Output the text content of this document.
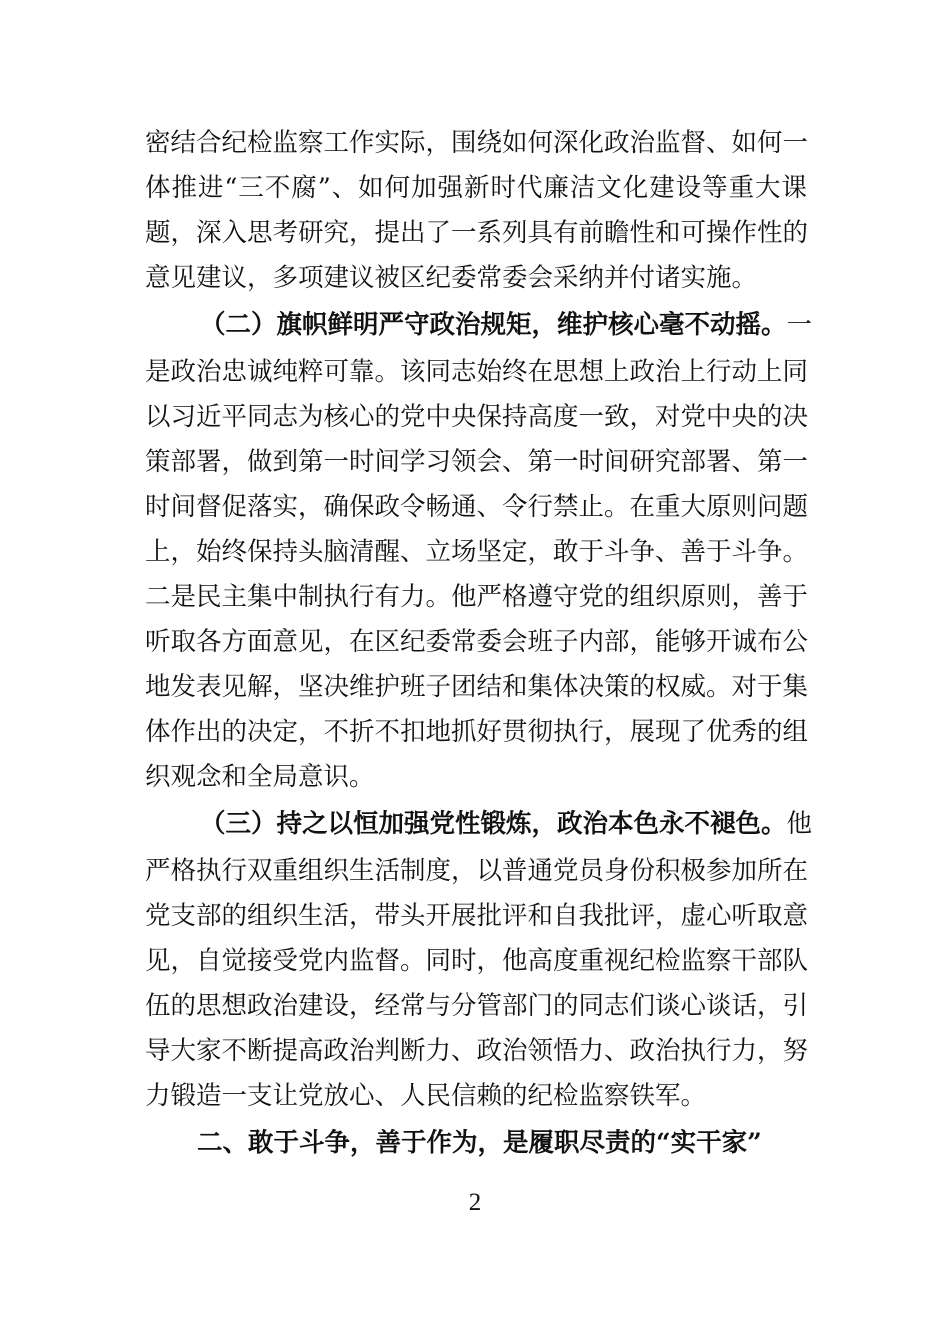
密结合纪检监察工作实际，围绕如何深化政治监督、如何一
体推进“三不腐”、如何加强新时代廉洁文化建设等重大课
题，深入思考研究，提出了一系列具有前瞻性和可操作性的
意见建议，多项建议被区纪委常委会采纳并付诸实施。
（二）旗帜鲜明严守政治规矩，维护核心毫不动摇。一
是政治忠诚纯粹可靠。该同志始终在思想上政治上行动上同
以习近平同志为核心的党中央保持高度一致，对党中央的决
策部署，做到第一时间学习领会、第一时间研究部署、第一
时间督促落实，确保政令畅通、令行禁止。在重大原则问题
上，始终保持头脑清醒、立场坚定，敢于斗争、善于斗争。
二是民主集中制执行有力。他严格遵守党的组织原则，善于
听取各方面意见，在区纪委常委会班子内部，能够开诚布公
地发表见解，坚决维护班子团结和集体决策的权威。对于集
体作出的决定，不折不扣地抓好贯彻执行，展现了优秀的组
织观念和全局意识。
（三）持之以恒加强党性锻炼，政治本色永不褪色。他
严格执行双重组织生活制度，以普通党员身份积极参加所在
党支部的组织生活，带头开展批评和自我批评，虚心听取意
见，自觉接受党内监督。同时，他高度重视纪检监察干部队
伍的思想政治建设，经常与分管部门的同志们谈心谈话，引
导大家不断提高政治判断力、政治领悟力、政治执行力，努
力锻造一支让党放心、人民信赖的纪检监察铁军。
二、敢于斗争，善于作为，是履职尽责的“实干家”
2
